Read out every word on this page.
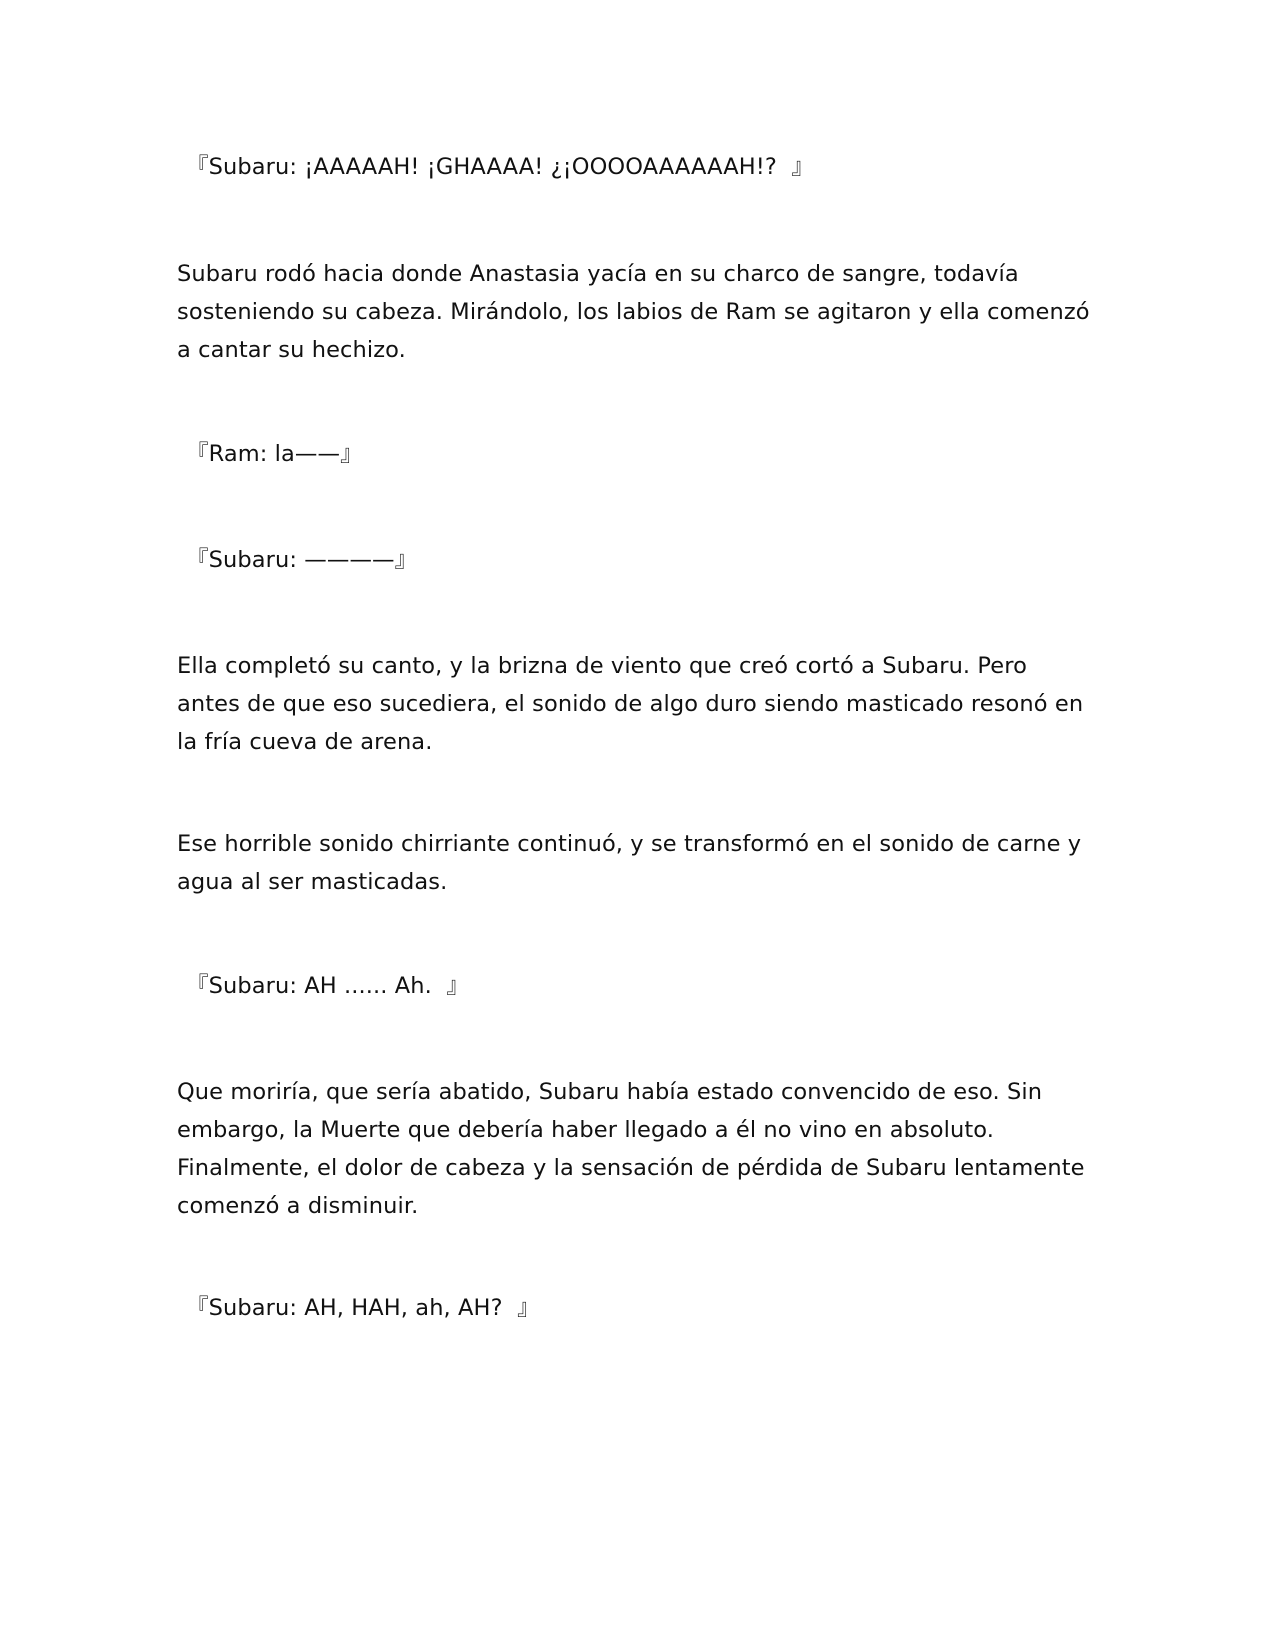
『Subaru: ¡AAAAAH! ¡GHAAAA! ¿¡OOOOAAAAAAH!?  』

Subaru rodó hacia donde Anastasia yacía en su charco de sangre, todavía sosteniendo su cabeza. Mirándolo, los labios de Ram se agitaron y ella comenzó a cantar su hechizo.

『Ram: la——』

『Subaru: ————』

Ella completó su canto, y la brizna de viento que creó cortó a Subaru. Pero antes de que eso sucediera, el sonido de algo duro siendo masticado resonó en la fría cueva de arena.

Ese horrible sonido chirriante continuó, y se transformó en el sonido de carne y agua al ser masticadas.

『Subaru: AH ...... Ah.  』

Que moriría, que sería abatido, Subaru había estado convencido de eso. Sin embargo, la Muerte que debería haber llegado a él no vino en absoluto. Finalmente, el dolor de cabeza y la sensación de pérdida de Subaru lentamente comenzó a disminuir.

『Subaru: AH, HAH, ah, AH?  』
